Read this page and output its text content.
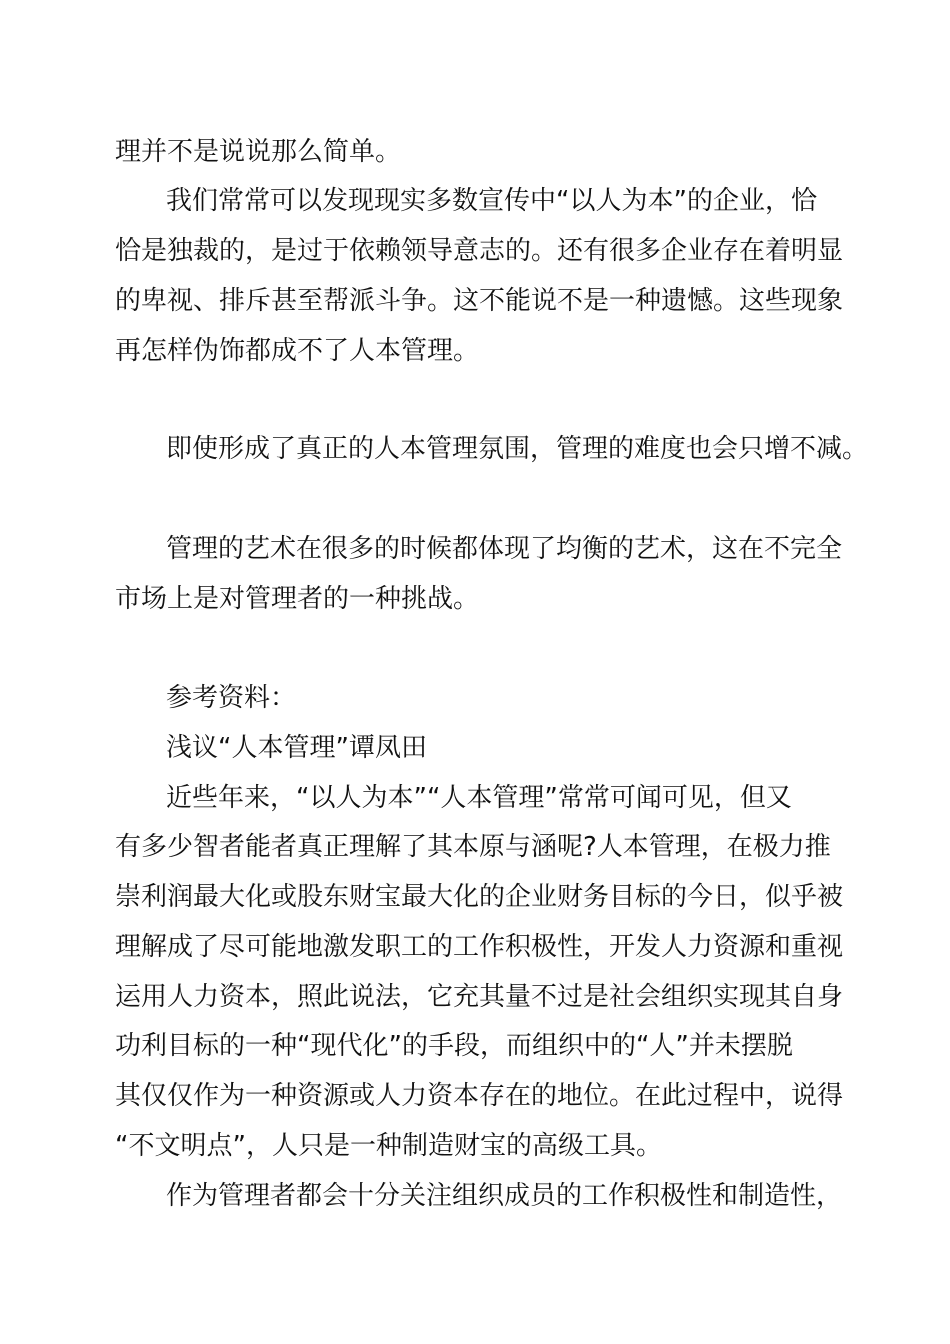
理并不是说说那么简单。
我们常常可以发现现实多数宣传中“以人为本”的企业，恰
恰是独裁的，是过于依赖领导意志的。还有很多企业存在着明显
的卑视、排斥甚至帮派斗争。这不能说不是一种遗憾。这些现象
再怎样伪饰都成不了人本管理。
即使形成了真正的人本管理氛围，管理的难度也会只增不减。
管理的艺术在很多的时候都体现了均衡的艺术，这在不完全
市场上是对管理者的一种挑战。
参考资料：
浅议“人本管理”谭凤田
近些年来，“以人为本”“人本管理”常常可闻可见，但又
有多少智者能者真正理解了其本原与涵呢?人本管理，在极力推
崇利润最大化或股东财宝最大化的企业财务目标的今日，似乎被
理解成了尽可能地激发职工的工作积极性，开发人力资源和重视
运用人力资本，照此说法，它充其量不过是社会组织实现其自身
功利目标的一种“现代化”的手段，而组织中的“人”并未摆脱
其仅仅作为一种资源或人力资本存在的地位。在此过程中，说得
“不文明点”，人只是一种制造财宝的高级工具。
作为管理者都会十分关注组织成员的工作积极性和制造性，
